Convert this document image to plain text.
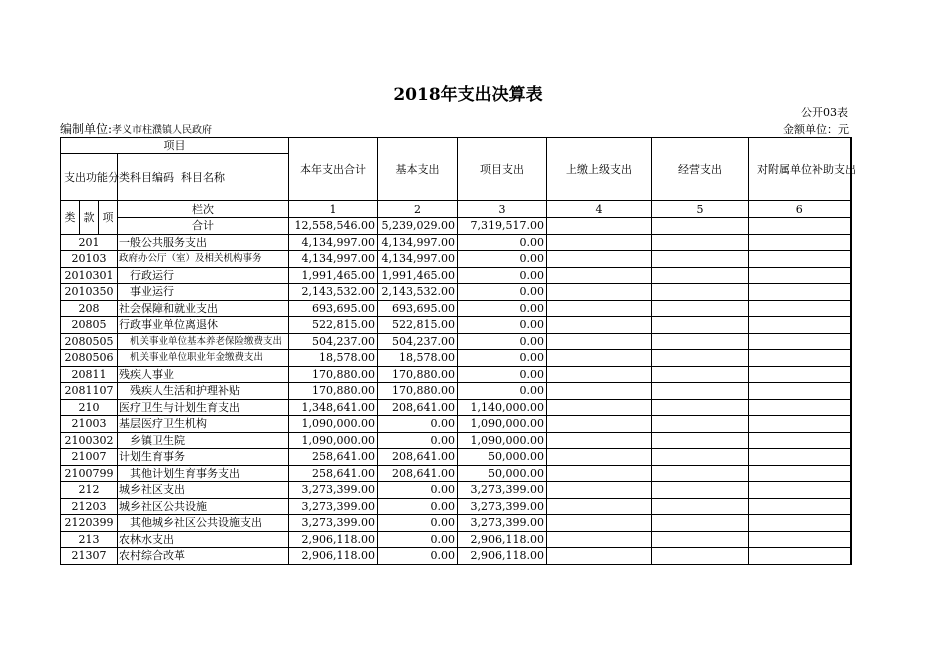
2018年支出决算表
公开03表
编制单位:孝义市柱濮镇人民政府	金额单位：元
项目				本年支出合计	基本支出	项目支出	上缴上级支出	经营支出	对附属单位补助支出
支出功能分类科目编码			科目名称						

类	款	项	栏次	1	2	3	4	5	6
			合计	12,558,546.00	5,239,029.00	7,319,517.00			
201			一般公共服务支出	4,134,997.00	4,134,997.00	0.00			
20103			政府办公厅（室）及相关机构事务	4,134,997.00	4,134,997.00	0.00			
2010301			行政运行	1,991,465.00	1,991,465.00	0.00			
2010350			事业运行	2,143,532.00	2,143,532.00	0.00			
208			社会保障和就业支出	693,695.00	693,695.00	0.00			
20805			行政事业单位离退休	522,815.00	522,815.00	0.00			
2080505			机关事业单位基本养老保险缴费支出	504,237.00	504,237.00	0.00			
2080506			机关事业单位职业年金缴费支出	18,578.00	18,578.00	0.00			
20811			残疾人事业	170,880.00	170,880.00	0.00			
2081107			残疾人生活和护理补贴	170,880.00	170,880.00	0.00			
210			医疗卫生与计划生育支出	1,348,641.00	208,641.00	1,140,000.00			
21003			基层医疗卫生机构	1,090,000.00	0.00	1,090,000.00			
2100302			乡镇卫生院	1,090,000.00	0.00	1,090,000.00			
21007			计划生育事务	258,641.00	208,641.00	50,000.00			
2100799			其他计划生育事务支出	258,641.00	208,641.00	50,000.00			
212			城乡社区支出	3,273,399.00	0.00	3,273,399.00			
21203			城乡社区公共设施	3,273,399.00	0.00	3,273,399.00			
2120399			其他城乡社区公共设施支出	3,273,399.00	0.00	3,273,399.00			
213			农林水支出	2,906,118.00	0.00	2,906,118.00			
21307			农村综合改革	2,906,118.00	0.00	2,906,118.00			
